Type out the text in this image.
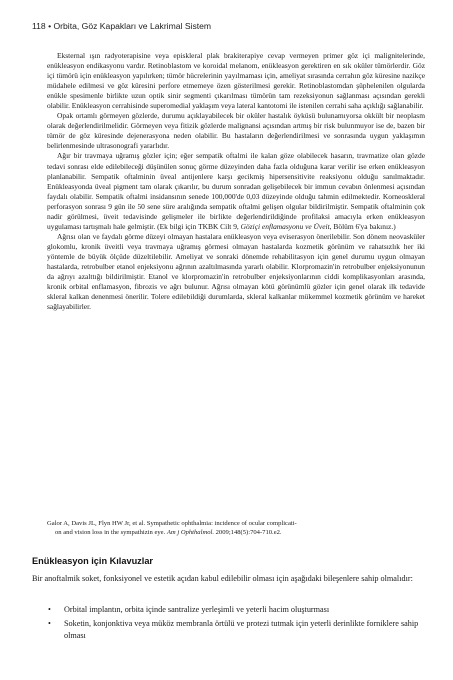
118 • Orbita, Göz Kapakları ve Lakrimal Sistem

Eksternal ışın radyoterapisine veya episkleral plak brakiterapiye cevap vermeyen primer göz içi malignitelerinde, enükleasyon endikasyonu vardır. Retinoblastom ve koroidal melanom, enükleasyon gerektiren en sık oküler tümörlerdir. Göz içi tümörü için enükleasyon yapılırken; tümör hücrelerinin yayılmaması için, ameliyat sırasında cerrahın göz küresine nazikçe müdahele edilmesi ve göz küresini perfore etmemeye özen gösterilmesi gerekir. Retinoblastomdan şüphelenilen olgularda enükle spesimenle birlikte uzun optik sinir segmenti çıkarılması tümörün tam rezeksiyonun sağlanması açısından gerekli olabilir. Enükleasyon cerrahisinde superomedial yaklaşım veya lateral kantotomi ile istenilen cerrahi saha açıklığı sağlanabilir.

Opak ortamlı görmeyen gözlerde, durumu açıklayabilecek bir oküler hastalık öyküsü bulunamıyorsa okkült bir neoplasm olarak değerlendirilmelidir. Görmeyen veya fitizik gözlerde malignansi açısından artmış bir risk bulunmuyor ise de, bazen bir tümör de göz küresinde dejenerasyona neden olabilir. Bu hastaların değerlendirilmesi ve sonrasında uygun yaklaşımın belirlenmesinde ultrasonografi yararlıdır.

Ağır bir travmaya uğramış gözler için; eğer sempatik oftalmi ile kalan göze olabilecek hasarın, travmatize olan gözde tedavi sonrası elde edilebileceği düşünülen sonuç görme düzeyinden daha fazla olduğuna karar verilir ise erken enükleasyon planlanabilir. Sempatik oftalminin üveal antijenlere karşı gecikmiş hipersensitivite reaksiyonu olduğu sanılmaktadır. Enükleasyonda üveal pigment tam olarak çıkarılır, bu durum sonradan gelişebilecek bir immun cevabın önlenmesi açısından faydalı olabilir. Sempatik oftalmi insidansının senede 100,000'de 0,03 düzeyinde olduğu tahmin edilmektedir. Korneoskleral perforasyon sonrası 9 gün ile 50 sene süre aralığında sempatik oftalmi gelişen olgular bildirilmiştir. Sempatik oftalminin çok nadir görülmesi, üveit tedavisinde gelişmeler ile birlikte değerlendirildiğinde profilaksi amacıyla erken enükleasyon uygulaması tartışmalı hale gelmiştir. (Ek bilgi için TKBK Cilt 9, Göziçi enflamasyonu ve Üveit, Bölüm 6'ya bakınız.)

Ağrısı olan ve faydalı görme düzeyi olmayan hastalara enükleasyon veya eviserasyon önerilebilir. Son dönem neovasküler glokomlu, kronik üveitli veya travmaya uğramış görmesi olmayan hastalarda kozmetik görünüm ve rahatsızlık her iki yöntemle de büyük ölçüde düzeltilebilir. Ameliyat ve sonraki dönemde rehabilitasyon için genel durumu uygun olmayan hastalarda, retrobulber etanol enjeksiyonu ağrının azaltılmasında yararlı olabilir. Klorpromazin'in retrobulber enjeksiyonunun da ağrıyı azalttığı bildirilmiştir. Etanol ve klorpromazin'in retrobulber enjeksiyonlarının ciddi komplikasyonları arasında, kronik orbital enflamasyon, fibrozis ve ağrı bulunur. Ağrısı olmayan kötü görünümlü gözler için genel olarak ilk tedavide skleral kalkan denenmesi önerilir. Tolere edilebildiği durumlarda, skleral kalkanlar mükemmel kozmetik görünüm ve hareket sağlayabilirler.

Galor A, Davis JL, Flyn HW Jr, et al. Sympathetic ophthalmia: incidence of ocular complicati-
on and vision loss in the sympathizin eye. Am j Ophthalmol. 2009;148(5):704-710.e2.
Enükleasyon için Kılavuzlar
Bir anoftalmik soket, fonksiyonel ve estetik açıdan kabul edilebilir olması için aşağıdaki bileşenlere sahip olmalıdır:
• Orbital implantın, orbita içinde santralize yerleşimli ve yeterli hacim oluşturması
• Soketin, konjonktiva veya müköz membranla örtülü ve protezi tutmak için yeterli derinlikte forniklere sahip olması
